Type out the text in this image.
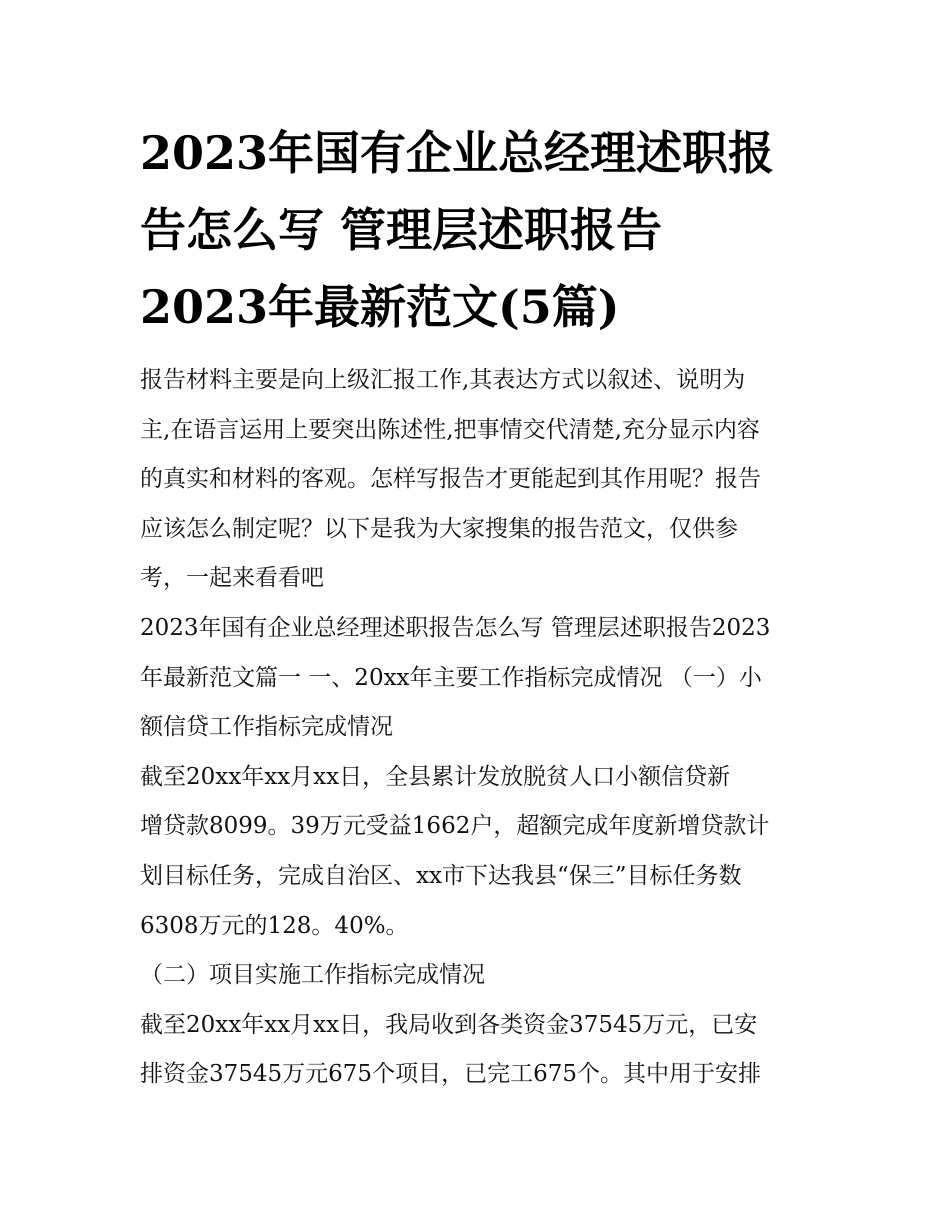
2023年国有企业总经理述职报
告怎么写 管理层述职报告
2023年最新范文(5篇)

报告材料主要是向上级汇报工作,其表达方式以叙述、说明为
主,在语言运用上要突出陈述性,把事情交代清楚,充分显示内容
的真实和材料的客观。怎样写报告才更能起到其作用呢？报告
应该怎么制定呢？以下是我为大家搜集的报告范文，仅供参
考，一起来看看吧

2023年国有企业总经理述职报告怎么写 管理层述职报告2023
年最新范文篇一 一、20xx年主要工作指标完成情况 （一）小
额信贷工作指标完成情况

截至20xx年xx月xx日，全县累计发放脱贫人口小额信贷新
增贷款8099。39万元受益1662户，超额完成年度新增贷款计
划目标任务，完成自治区、xx市下达我县“保三”目标任务数
6308万元的128。40%。

（二）项目实施工作指标完成情况

截至20xx年xx月xx日，我局收到各类资金37545万元，已安
排资金37545万元675个项目，已完工675个。其中用于安排
